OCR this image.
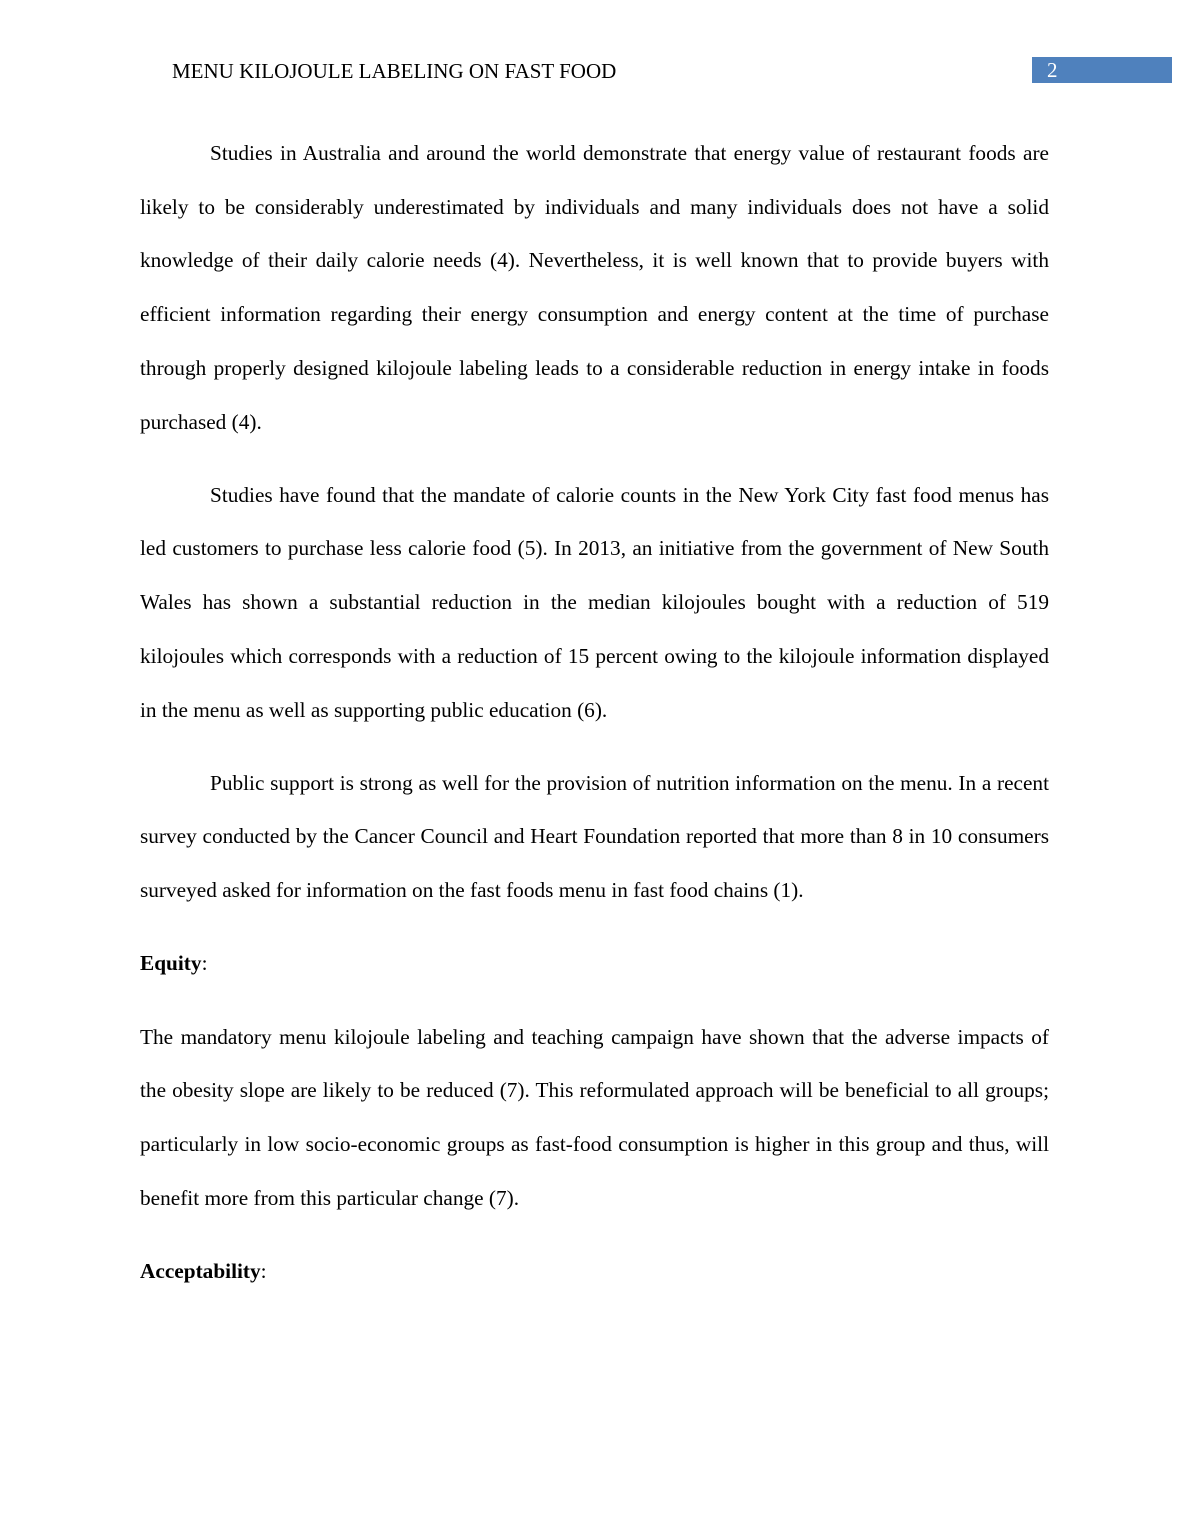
MENU KILOJOULE LABELING ON FAST FOOD	2

Studies in Australia and around the world demonstrate that energy value of restaurant foods are likely to be considerably underestimated by individuals and many individuals does not have a solid knowledge of their daily calorie needs (4). Nevertheless, it is well known that to provide buyers with efficient information regarding their energy consumption and energy content at the time of purchase through properly designed kilojoule labeling leads to a considerable reduction in energy intake in foods purchased (4).

Studies have found that the mandate of calorie counts in the New York City fast food menus has led customers to purchase less calorie food (5). In 2013, an initiative from the government of New South Wales has shown a substantial reduction in the median kilojoules bought with a reduction of 519 kilojoules which corresponds with a reduction of 15 percent owing to the kilojoule information displayed in the menu as well as supporting public education (6).

Public support is strong as well for the provision of nutrition information on the menu. In a recent survey conducted by the Cancer Council and Heart Foundation reported that more than 8 in 10 consumers surveyed asked for information on the fast foods menu in fast food chains (1).

Equity:

The mandatory menu kilojoule labeling and teaching campaign have shown that the adverse impacts of the obesity slope are likely to be reduced (7). This reformulated approach will be beneficial to all groups; particularly in low socio-economic groups as fast-food consumption is higher in this group and thus, will benefit more from this particular change (7).

Acceptability:
